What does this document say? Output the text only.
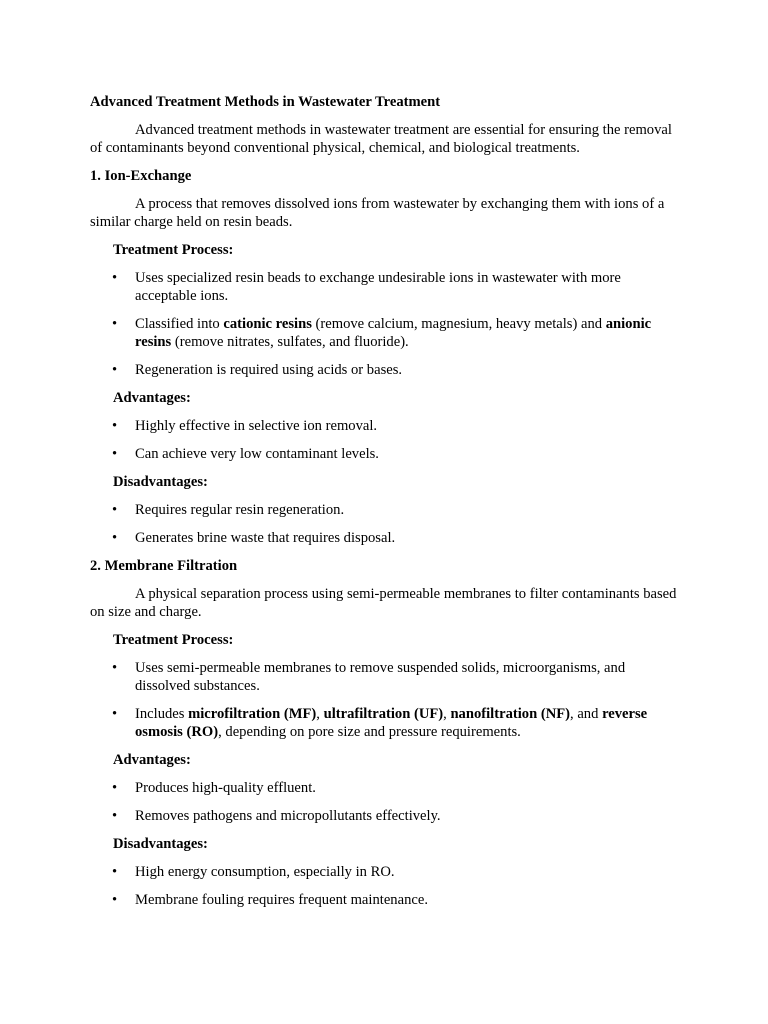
Advanced Treatment Methods in Wastewater Treatment

Advanced treatment methods in wastewater treatment are essential for ensuring the removal of contaminants beyond conventional physical, chemical, and biological treatments.

1. Ion-Exchange

A process that removes dissolved ions from wastewater by exchanging them with ions of a similar charge held on resin beads.

Treatment Process:

• Uses specialized resin beads to exchange undesirable ions in wastewater with more acceptable ions.
• Classified into cationic resins (remove calcium, magnesium, heavy metals) and anionic resins (remove nitrates, sulfates, and fluoride).
• Regeneration is required using acids or bases.

Advantages:

• Highly effective in selective ion removal.
• Can achieve very low contaminant levels.

Disadvantages:

• Requires regular resin regeneration.
• Generates brine waste that requires disposal.

2. Membrane Filtration

A physical separation process using semi-permeable membranes to filter contaminants based on size and charge.

Treatment Process:

• Uses semi-permeable membranes to remove suspended solids, microorganisms, and dissolved substances.
• Includes microfiltration (MF), ultrafiltration (UF), nanofiltration (NF), and reverse osmosis (RO), depending on pore size and pressure requirements.

Advantages:

• Produces high-quality effluent.
• Removes pathogens and micropollutants effectively.

Disadvantages:

• High energy consumption, especially in RO.
• Membrane fouling requires frequent maintenance.
